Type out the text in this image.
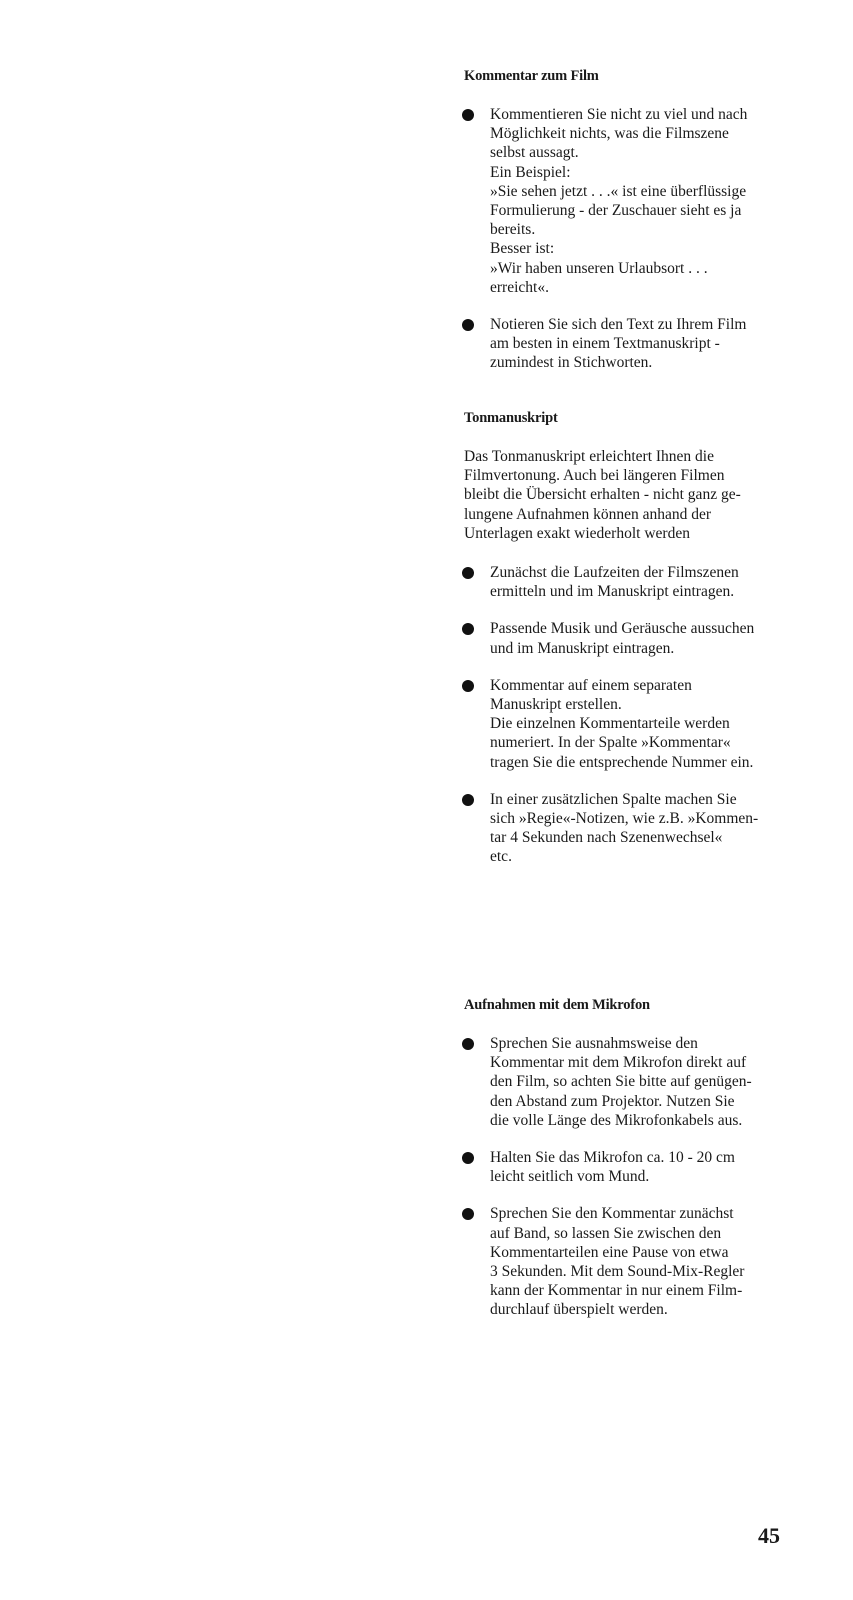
Kommentar zum Film
Kommentieren Sie nicht zu viel und nach
Möglichkeit nichts, was die Filmszene
selbst aussagt.
Ein Beispiel:
»Sie sehen jetzt . . .« ist eine überflüssige
Formulierung - der Zuschauer sieht es ja
bereits.
Besser ist:
»Wir haben unseren Urlaubsort . . .
erreicht«.
Notieren Sie sich den Text zu Ihrem Film
am besten in einem Textmanuskript -
zumindest in Stichworten.
Tonmanuskript
Das Tonmanuskript erleichtert Ihnen die
Filmvertonung. Auch bei längeren Filmen
bleibt die Übersicht erhalten - nicht ganz ge-
lungene Aufnahmen können anhand der
Unterlagen exakt wiederholt werden
Zunächst die Laufzeiten der Filmszenen
ermitteln und im Manuskript eintragen.
Passende Musik und Geräusche aussuchen
und im Manuskript eintragen.
Kommentar auf einem separaten
Manuskript erstellen.
Die einzelnen Kommentarteile werden
numeriert. In der Spalte »Kommentar«
tragen Sie die entsprechende Nummer ein.
In einer zusätzlichen Spalte machen Sie
sich »Regie«-Notizen, wie z.B. »Kommen-
tar 4 Sekunden nach Szenenwechsel«
etc.
Aufnahmen mit dem Mikrofon
Sprechen Sie ausnahmsweise den
Kommentar mit dem Mikrofon direkt auf
den Film, so achten Sie bitte auf genügen-
den Abstand zum Projektor. Nutzen Sie
die volle Länge des Mikrofonkabels aus.
Halten Sie das Mikrofon ca. 10 - 20 cm
leicht seitlich vom Mund.
Sprechen Sie den Kommentar zunächst
auf Band, so lassen Sie zwischen den
Kommentarteilen eine Pause von etwa
3 Sekunden. Mit dem Sound-Mix-Regler
kann der Kommentar in nur einem Film-
durchlauf überspielt werden.
45
